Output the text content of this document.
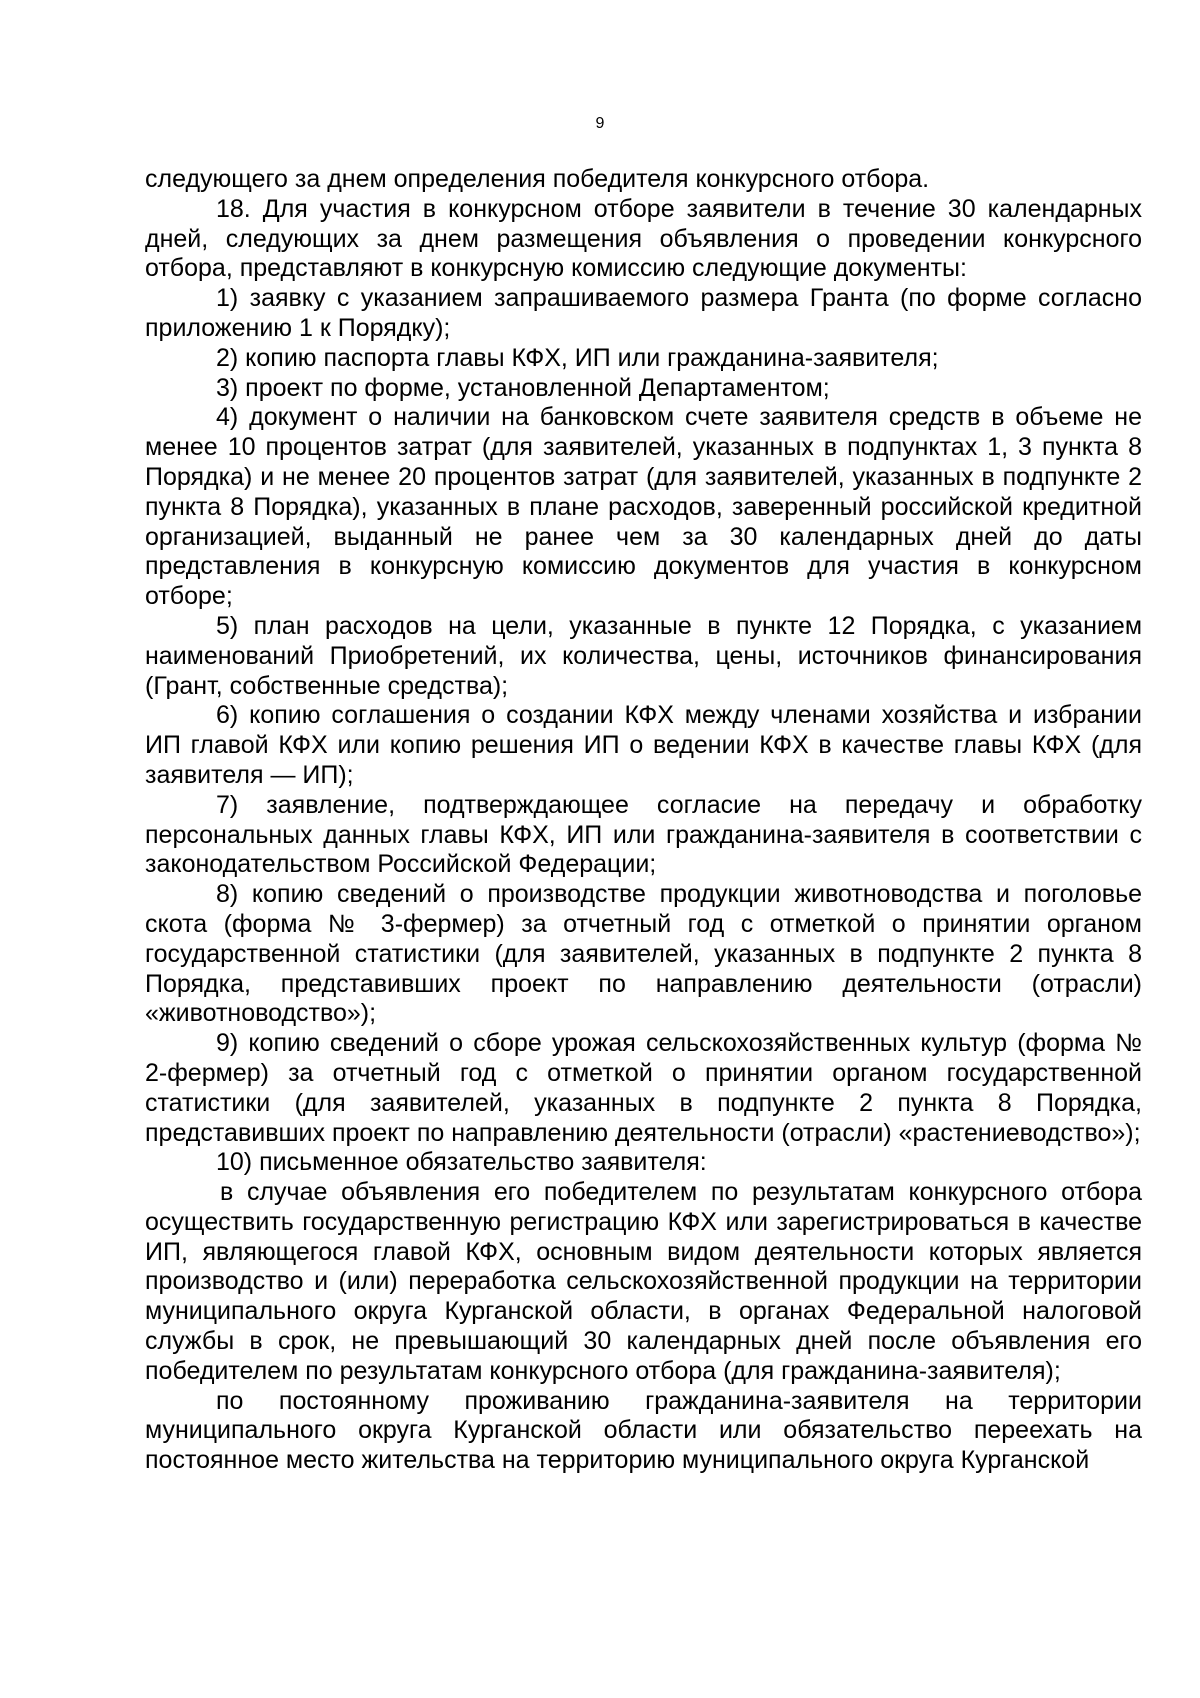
9

следующего за днем определения победителя конкурсного отбора.

18. Для участия в конкурсном отборе заявители в течение 30 календарных дней, следующих за днем размещения объявления о проведении конкурсного отбора, представляют в конкурсную комиссию следующие документы:

1) заявку с указанием запрашиваемого размера Гранта (по форме согласно приложению 1 к Порядку);

2) копию паспорта главы КФХ, ИП или гражданина-заявителя;

3) проект по форме, установленной Департаментом;

4) документ о наличии на банковском счете заявителя средств в объеме не менее 10 процентов затрат (для заявителей, указанных в подпунктах 1, 3 пункта 8 Порядка) и не менее 20 процентов затрат (для заявителей, указанных в подпункте 2 пункта 8 Порядка), указанных в плане расходов, заверенный российской кредитной организацией, выданный не ранее чем за 30 календарных дней до даты представления в конкурсную комиссию документов для участия в конкурсном отборе;

5) план расходов на цели, указанные в пункте 12 Порядка, с указанием наименований Приобретений, их количества, цены, источников финансирования (Грант, собственные средства);

6) копию соглашения о создании КФХ между членами хозяйства и избрании ИП главой КФХ или копию решения ИП о ведении КФХ в качестве главы КФХ (для заявителя — ИП);

7) заявление, подтверждающее согласие на передачу и обработку персональных данных главы КФХ, ИП или гражданина-заявителя в соответствии с законодательством Российской Федерации;

8) копию сведений о производстве продукции животноводства и поголовье скота (форма № 3-фермер) за отчетный год с отметкой о принятии органом государственной статистики (для заявителей, указанных в подпункте 2 пункта 8 Порядка, представивших проект по направлению деятельности (отрасли) «животноводство»);

9) копию сведений о сборе урожая сельскохозяйственных культур (форма № 2-фермер) за отчетный год с отметкой о принятии органом государственной статистики (для заявителей, указанных в подпункте 2 пункта 8 Порядка, представивших проект по направлению деятельности (отрасли) «растениеводство»);

10) письменное обязательство заявителя:

в случае объявления его победителем по результатам конкурсного отбора осуществить государственную регистрацию КФХ или зарегистрироваться в качестве ИП, являющегося главой КФХ, основным видом деятельности которых является производство и (или) переработка сельскохозяйственной продукции на территории муниципального округа Курганской области, в органах Федеральной налоговой службы в срок, не превышающий 30 календарных дней после объявления его победителем по результатам конкурсного отбора (для гражданина-заявителя);

по постоянному проживанию гражданина-заявителя на территории муниципального округа Курганской области или обязательство переехать на постоянное место жительства на территорию муниципального округа Курганской
